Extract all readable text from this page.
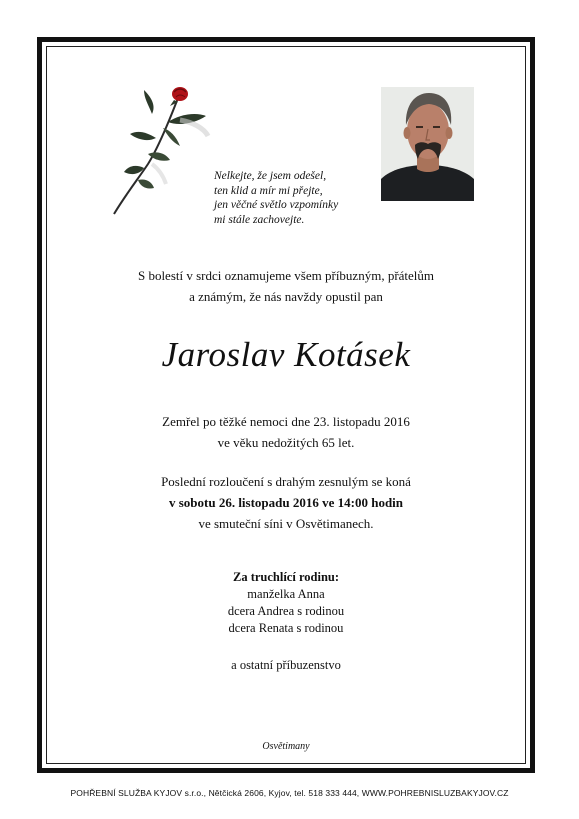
Nelkejte, že jsem odešel,
ten klid a mír mi přejte,
jen věčné světlo vzpomínky
mi stále zachovejte.
S bolestí v srdci oznamujeme všem příbuzným, přátelům
a známým, že nás navždy opustil pan
Jaroslav Kotásek
Zemřel po těžké nemoci dne 23. listopadu 2016
ve věku nedožitých 65 let.
Poslední rozloučení s drahým zesnulým se koná
v sobotu 26. listopadu 2016 ve 14:00 hodin
ve smuteční síni v Osvětimanech.
Za truchlící rodinu:
manželka Anna
dcera Andrea s rodinou
dcera Renata s rodinou
a ostatní příbuzenstvo
Osvětimany
POHŘEBNÍ SLUŽBA KYJOV s.r.o., Nětčická 2606, Kyjov, tel. 518 333 444, WWW.POHREBNISLUZBAKYJOV.CZ
